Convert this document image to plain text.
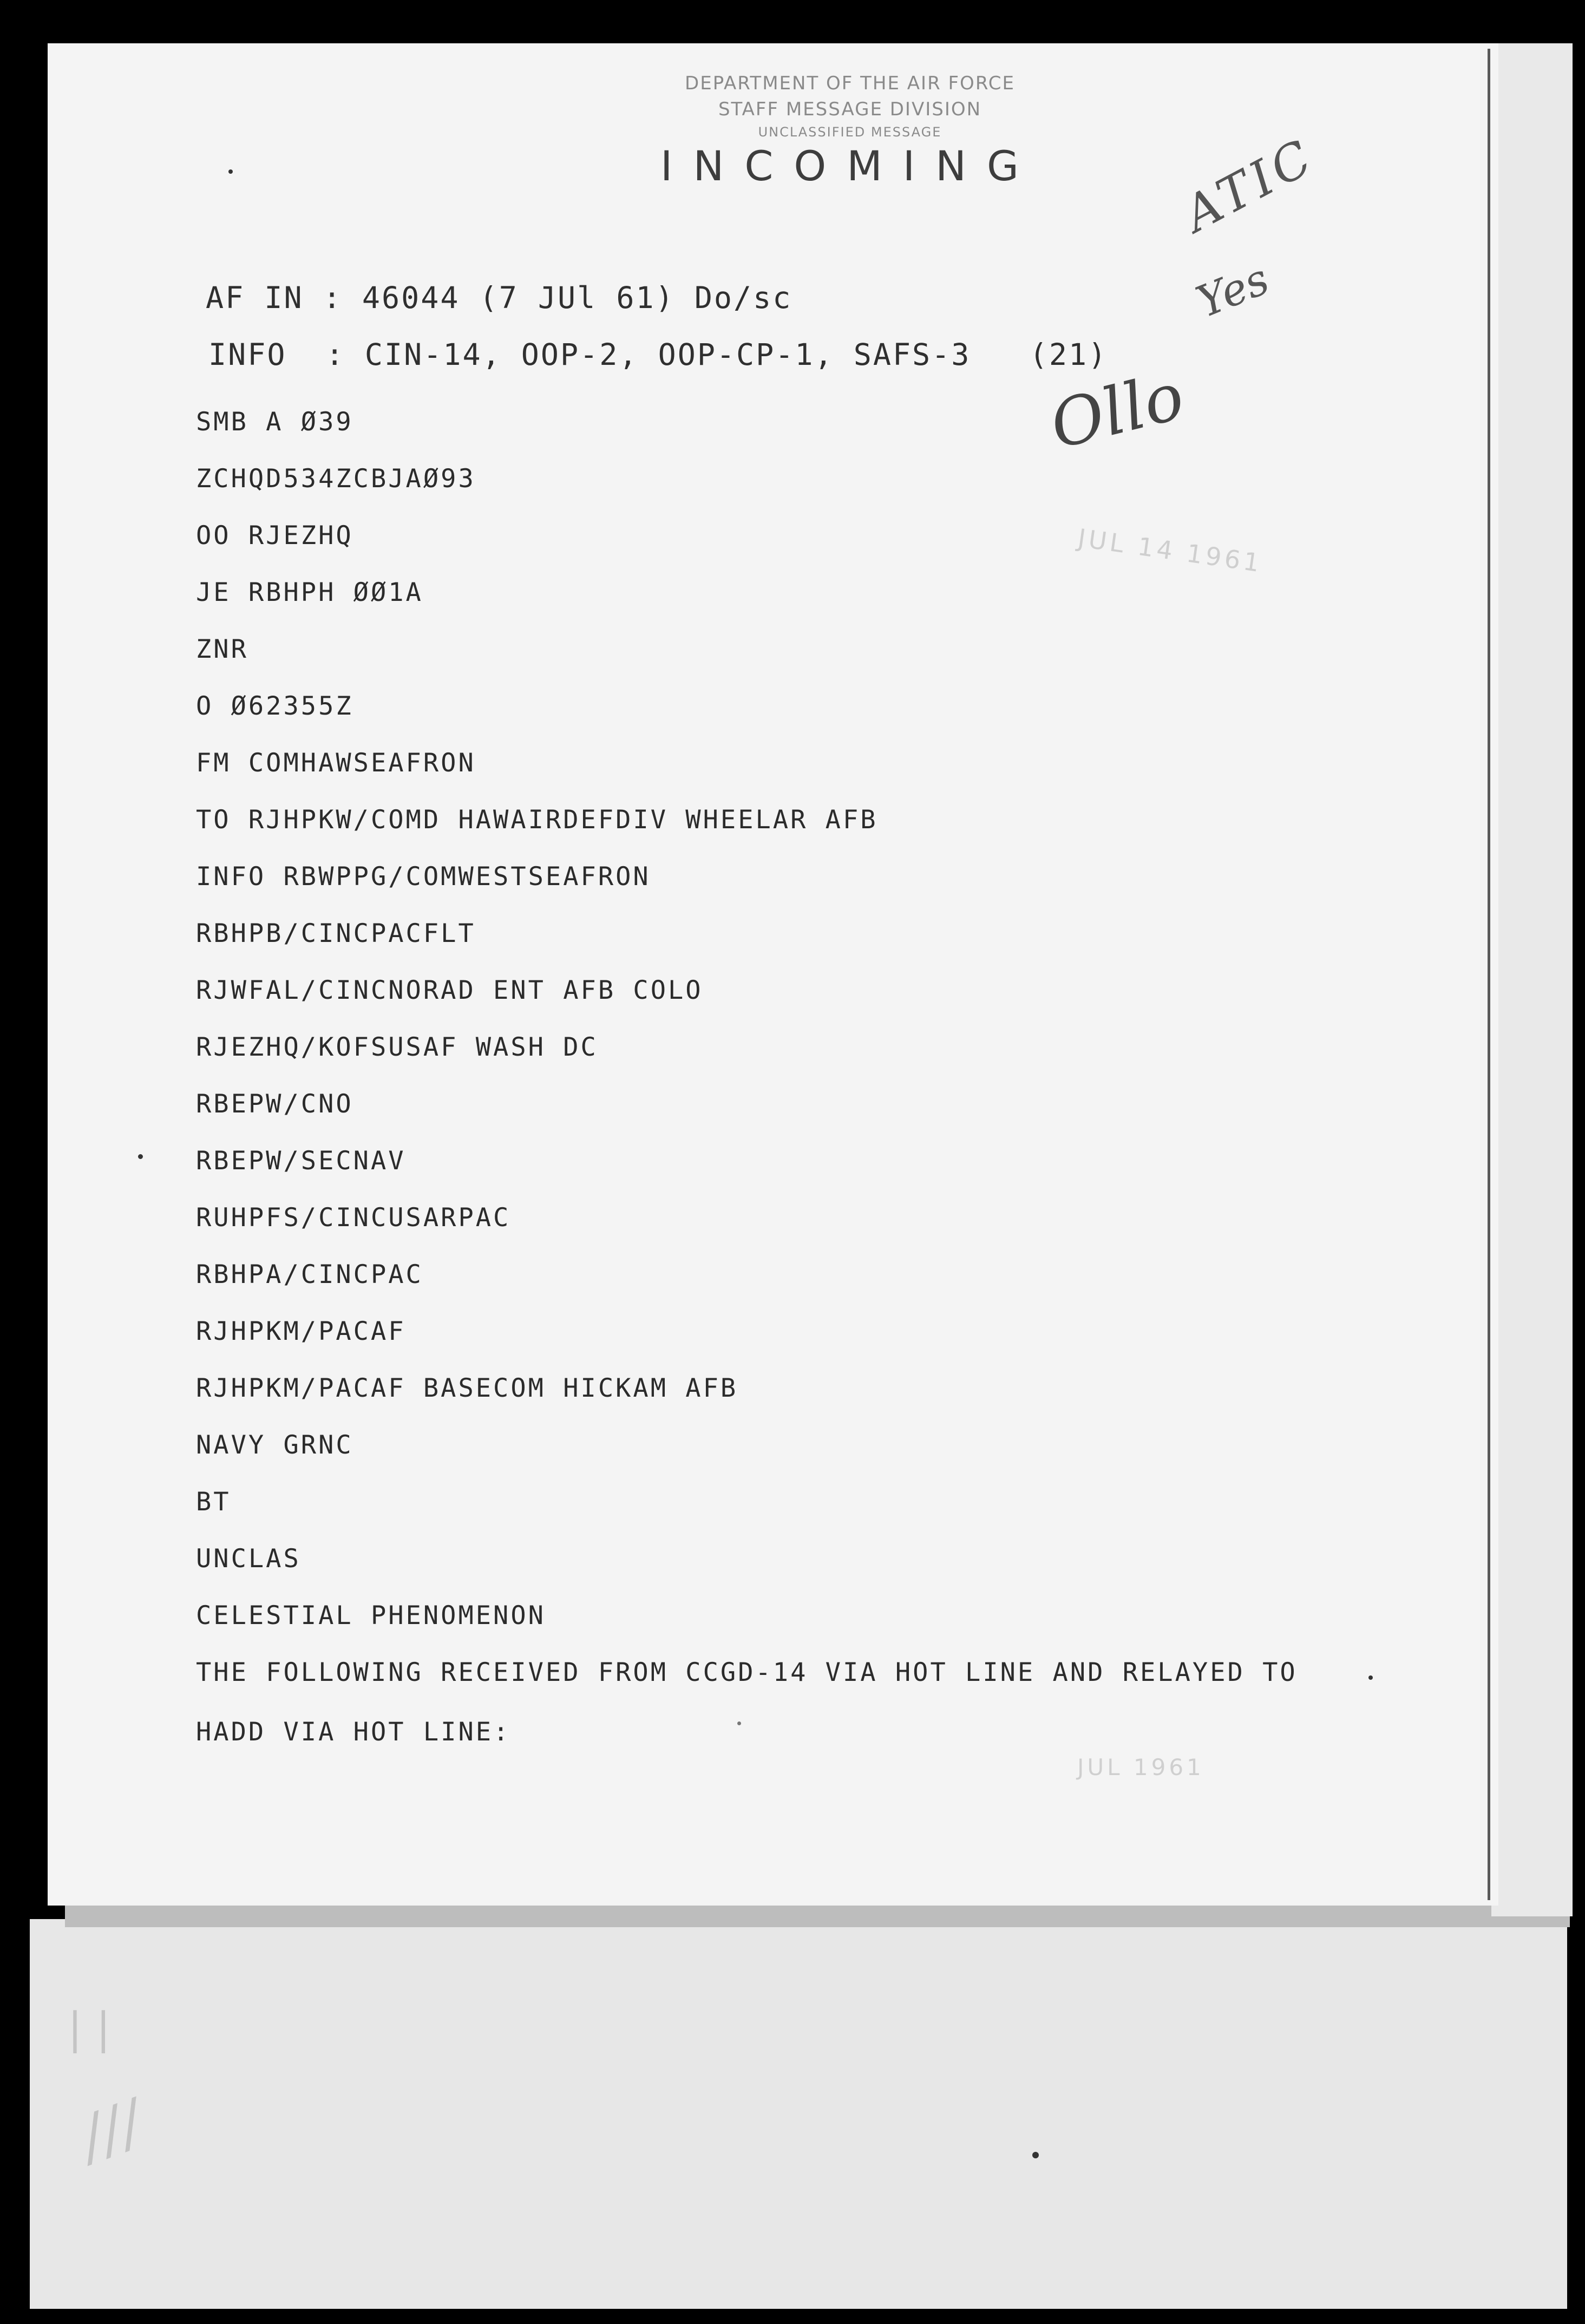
DEPARTMENT OF THE AIR FORCE
STAFF MESSAGE DIVISION
UNCLASSIFIED MESSAGE
INCOMING	ATIC
Yes
Ollo
JUL 14 1961
JUL 1961
AF IN : 46044 (7 JUl 61) Do/sc
INFO  : CIN-14, OOP-2, OOP-CP-1, SAFS-3   (21)
SMB A Ø39
ZCHQD534ZCBJAØ93
OO RJEZHQ
JE RBHPH ØØ1A
ZNR
O Ø62355Z
FM COMHAWSEAFRON
TO RJHPKW/COMD HAWAIRDEFDIV WHEELAR AFB
INFO RBWPPG/COMWESTSEAFRON
RBHPB/CINCPACFLT
RJWFAL/CINCNORAD ENT AFB COLO
RJEZHQ/KOFSUSAF WASH DC
RBEPW/CNO
RBEPW/SECNAV
RUHPFS/CINCUSARPAC
RBHPA/CINCPAC
RJHPKM/PACAF
RJHPKM/PACAF BASECOM HICKAM AFB
NAVY GRNC
BT
UNCLAS
CELESTIAL PHENOMENON
THE FOLLOWING RECEIVED FROM CCGD-14 VIA HOT LINE AND RELAYED TO
HADD VIA HOT LINE:
| |
///
